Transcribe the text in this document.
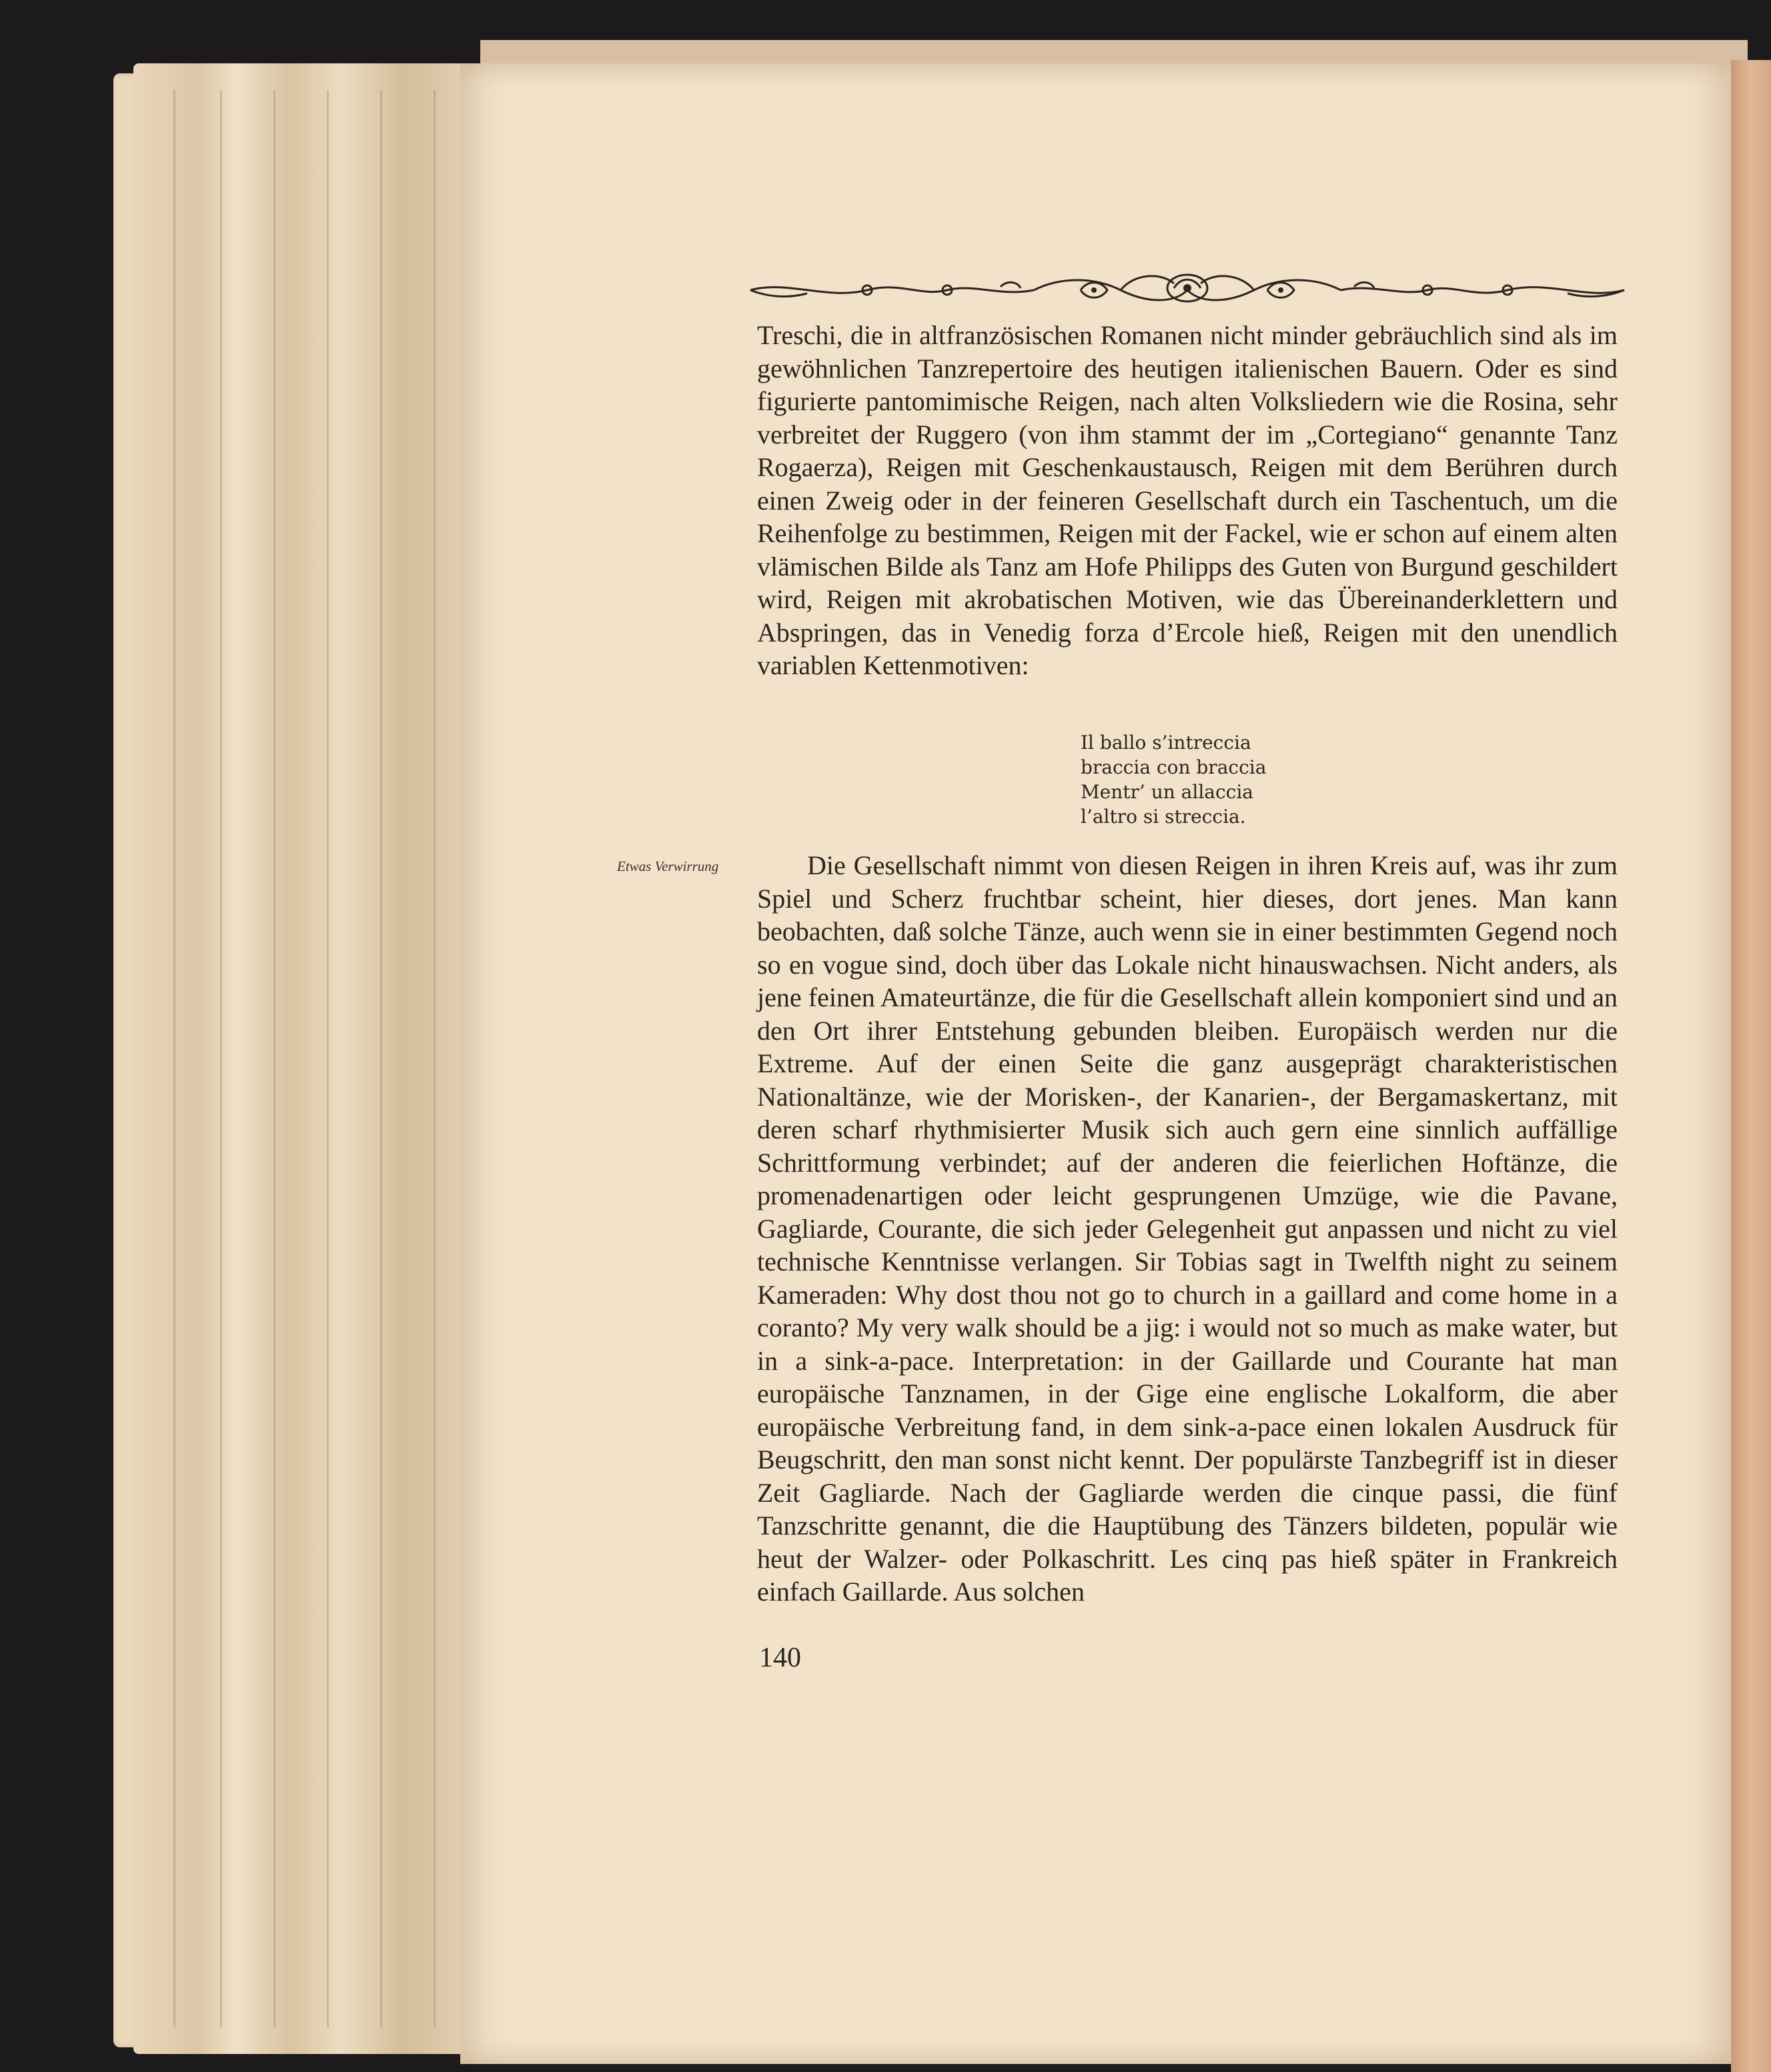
Treschi, die in altfranzösischen Romanen nicht minder gebräuchlich sind als im gewöhnlichen Tanzrepertoire des heutigen italienischen Bauern. Oder es sind figurierte pantomimische Reigen, nach alten Volksliedern wie die Rosina, sehr verbreitet der Ruggero (von ihm stammt der im „Cortegiano“ genannte Tanz Rogaerza), Reigen mit Geschenkaustausch, Reigen mit dem Berühren durch einen Zweig oder in der feineren Gesellschaft durch ein Taschentuch, um die Reihenfolge zu bestimmen, Reigen mit der Fackel, wie er schon auf einem alten vlämischen Bilde als Tanz am Hofe Philipps des Guten von Burgund geschildert wird, Reigen mit akrobatischen Motiven, wie das Übereinanderklettern und Abspringen, das in Venedig forza d’Ercole hieß, Reigen mit den unendlich variablen Kettenmotiven:

Il ballo s’intreccia
braccia con braccia
Mentr’ un allaccia
l’altro si streccia.
Etwas Verwirrung	Die Gesellschaft nimmt von diesen Reigen in ihren Kreis auf, was ihr zum Spiel und Scherz fruchtbar scheint, hier dieses, dort jenes. Man kann beobachten, daß solche Tänze, auch wenn sie in einer bestimmten Gegend noch so en vogue sind, doch über das Lokale nicht hinauswachsen. Nicht anders, als jene feinen Amateurtänze, die für die Gesellschaft allein komponiert sind und an den Ort ihrer Entstehung gebunden bleiben. Europäisch werden nur die Extreme. Auf der einen Seite die ganz ausgeprägt charakteristischen Nationaltänze, wie der Morisken-, der Kanarien-, der Bergamaskertanz, mit deren scharf rhythmisierter Musik sich auch gern eine sinnlich auffällige Schrittformung verbindet; auf der anderen die feierlichen Hoftänze, die promenadenartigen oder leicht gesprungenen Umzüge, wie die Pavane, Gagliarde, Courante, die sich jeder Gelegenheit gut anpassen und nicht zu viel technische Kenntnisse verlangen. Sir Tobias sagt in Twelfth night zu seinem Kameraden: Why dost thou not go to church in a gaillard and come home in a coranto? My very walk should be a jig: i would not so much as make water, but in a sink-a-pace. Interpretation: in der Gaillarde und Courante hat man europäische Tanznamen, in der Gige eine englische Lokalform, die aber europäische Verbreitung fand, in dem sink-a-pace einen lokalen Ausdruck für Beugschritt, den man sonst nicht kennt. Der populärste Tanzbegriff ist in dieser Zeit Gagliarde. Nach der Gagliarde werden die cinque passi, die fünf Tanzschritte genannt, die die Hauptübung des Tänzers bildeten, populär wie heut der Walzer- oder Polkaschritt. Les cinq pas hieß später in Frankreich einfach Gaillarde. Aus solchen

140
